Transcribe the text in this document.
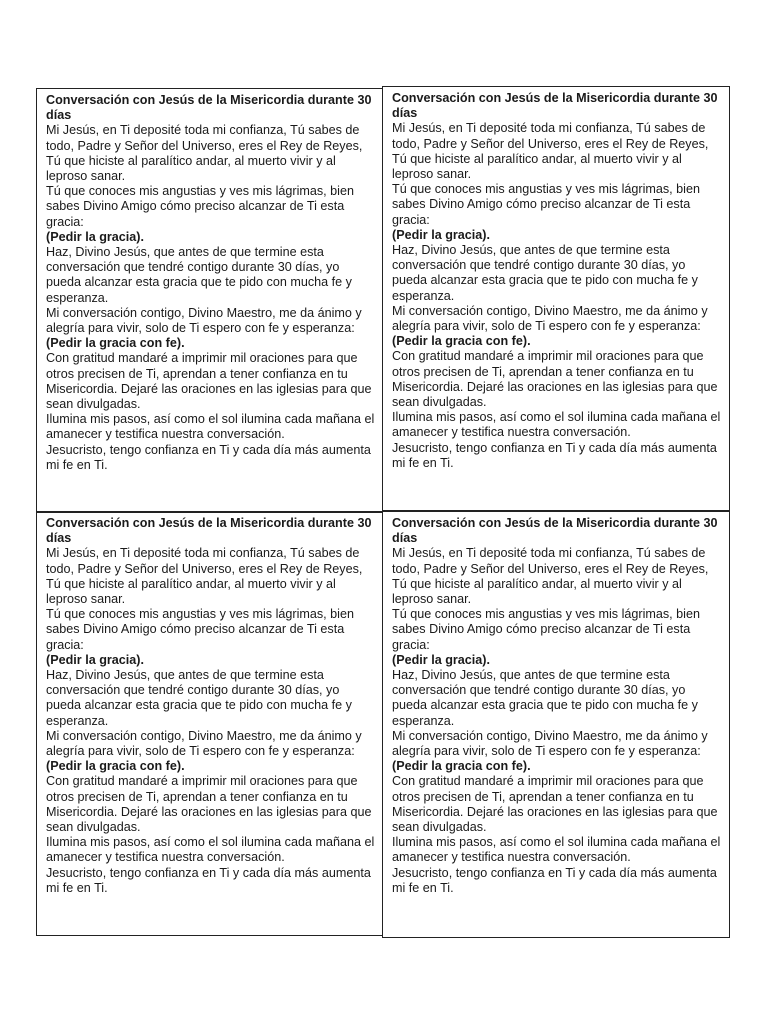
Conversación con Jesús de la Misericordia durante 30 días

Mi Jesús, en Ti deposité toda mi confianza, Tú sabes de todo, Padre y Señor del Universo, eres el Rey de Reyes, Tú que hiciste al paralítico andar, al muerto vivir y al leproso sanar.

Tú que conoces mis angustias y ves mis lágrimas, bien sabes Divino Amigo cómo preciso alcanzar de Ti esta gracia:

(Pedir la gracia).

Haz, Divino Jesús, que antes de que termine esta conversación que tendré contigo durante 30 días, yo pueda alcanzar esta gracia que te pido con mucha fe y esperanza.

Mi conversación contigo, Divino Maestro, me da ánimo y alegría para vivir, solo de Ti espero con fe y esperanza:

(Pedir la gracia con fe).

Con gratitud mandaré a imprimir mil oraciones para que otros precisen de Ti, aprendan a tener confianza en tu Misericordia. Dejaré las oraciones en las iglesias para que sean divulgadas.

Ilumina mis pasos, así como el sol ilumina cada mañana el amanecer y testifica nuestra conversación.

Jesucristo, tengo confianza en Ti y cada día más aumenta mi fe en Ti.

Conversación con Jesús de la Misericordia durante 30 días

Mi Jesús, en Ti deposité toda mi confianza, Tú sabes de todo, Padre y Señor del Universo, eres el Rey de Reyes, Tú que hiciste al paralítico andar, al muerto vivir y al leproso sanar.

Tú que conoces mis angustias y ves mis lágrimas, bien sabes Divino Amigo cómo preciso alcanzar de Ti esta gracia:

(Pedir la gracia).

Haz, Divino Jesús, que antes de que termine esta conversación que tendré contigo durante 30 días, yo pueda alcanzar esta gracia que te pido con mucha fe y esperanza.

Mi conversación contigo, Divino Maestro, me da ánimo y alegría para vivir, solo de Ti espero con fe y esperanza:

(Pedir la gracia con fe).

Con gratitud mandaré a imprimir mil oraciones para que otros precisen de Ti, aprendan a tener confianza en tu Misericordia. Dejaré las oraciones en las iglesias para que sean divulgadas.

Ilumina mis pasos, así como el sol ilumina cada mañana el amanecer y testifica nuestra conversación.

Jesucristo, tengo confianza en Ti y cada día más aumenta mi fe en Ti.

Conversación con Jesús de la Misericordia durante 30 días

Mi Jesús, en Ti deposité toda mi confianza, Tú sabes de todo, Padre y Señor del Universo, eres el Rey de Reyes, Tú que hiciste al paralítico andar, al muerto vivir y al leproso sanar.

Tú que conoces mis angustias y ves mis lágrimas, bien sabes Divino Amigo cómo preciso alcanzar de Ti esta gracia:

(Pedir la gracia).

Haz, Divino Jesús, que antes de que termine esta conversación que tendré contigo durante 30 días, yo pueda alcanzar esta gracia que te pido con mucha fe y esperanza.

Mi conversación contigo, Divino Maestro, me da ánimo y alegría para vivir, solo de Ti espero con fe y esperanza:

(Pedir la gracia con fe).

Con gratitud mandaré a imprimir mil oraciones para que otros precisen de Ti, aprendan a tener confianza en tu Misericordia. Dejaré las oraciones en las iglesias para que sean divulgadas.

Ilumina mis pasos, así como el sol ilumina cada mañana el amanecer y testifica nuestra conversación.

Jesucristo, tengo confianza en Ti y cada día más aumenta mi fe en Ti.

Conversación con Jesús de la Misericordia durante 30 días

Mi Jesús, en Ti deposité toda mi confianza, Tú sabes de todo, Padre y Señor del Universo, eres el Rey de Reyes, Tú que hiciste al paralítico andar, al muerto vivir y al leproso sanar.

Tú que conoces mis angustias y ves mis lágrimas, bien sabes Divino Amigo cómo preciso alcanzar de Ti esta gracia:

(Pedir la gracia).

Haz, Divino Jesús, que antes de que termine esta conversación que tendré contigo durante 30 días, yo pueda alcanzar esta gracia que te pido con mucha fe y esperanza.

Mi conversación contigo, Divino Maestro, me da ánimo y alegría para vivir, solo de Ti espero con fe y esperanza:

(Pedir la gracia con fe).

Con gratitud mandaré a imprimir mil oraciones para que otros precisen de Ti, aprendan a tener confianza en tu Misericordia. Dejaré las oraciones en las iglesias para que sean divulgadas.

Ilumina mis pasos, así como el sol ilumina cada mañana el amanecer y testifica nuestra conversación.

Jesucristo, tengo confianza en Ti y cada día más aumenta mi fe en Ti.
